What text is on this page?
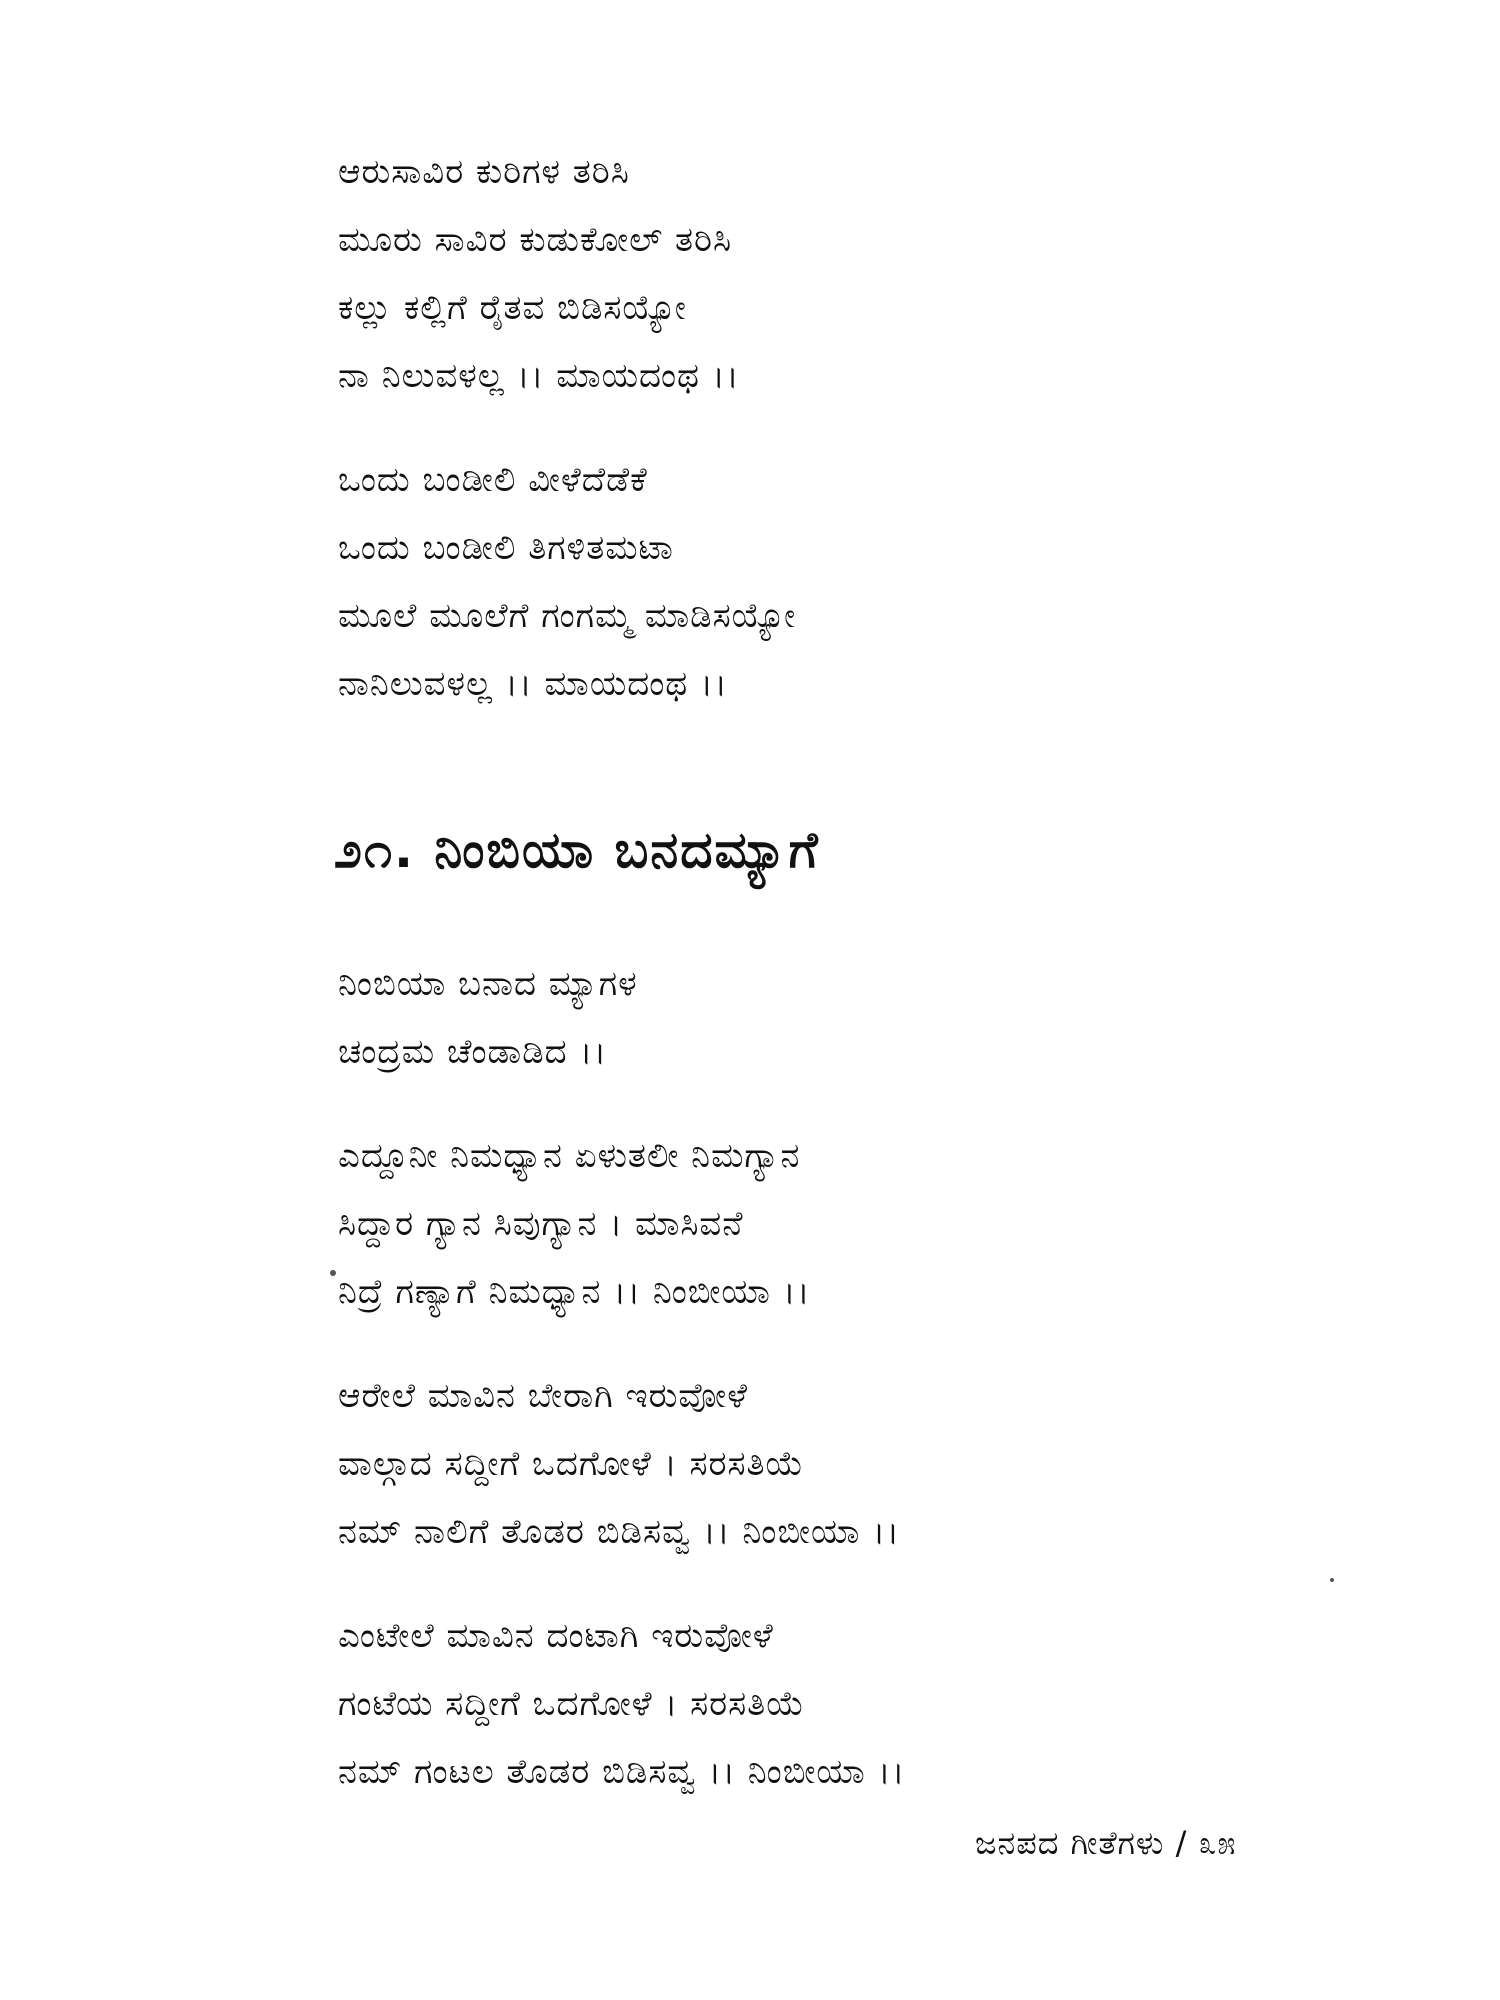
ಆರುಸಾವಿರ ಕುರಿಗಳ ತರಿಸಿ
ಮೂರು ಸಾವಿರ ಕುಡುಕೋಲ್ ತರಿಸಿ
ಕಲ್ಲು ಕಲ್ಲಿಗೆ ರೈತವ ಬಿಡಿಸಯ್ಯೋ
ನಾ ನಿಲುವಳಲ್ಲ ।। ಮಾಯದಂಥ ।।
ಒಂದು ಬಂಡೀಲಿ ವೀಳೆದೆಡೆಕೆ
ಒಂದು ಬಂಡೀಲಿ ತಿಗಳಿತಮಟಾ
ಮೂಲೆ ಮೂಲೆಗೆ ಗಂಗಮ್ಮ ಮಾಡಿಸಯ್ಯೋ
ನಾನಿಲುವಳಲ್ಲ ।। ಮಾಯದಂಥ ।।
೨೧. ನಿಂಬಿಯಾ ಬನದಮ್ಯಾಗೆ
ನಿಂಬಿಯಾ ಬನಾದ ಮ್ಯಾಗಳ
ಚಂದ್ರಮ ಚೆಂಡಾಡಿದ ।।
ಎದ್ದೂನೀ ನಿಮಧ್ಯಾನ ಏಳುತಲೀ ನಿಮಗ್ಯಾನ
ಸಿದ್ದಾರ ಗ್ಯಾನ ಸಿವುಗ್ಯಾನ । ಮಾಸಿವನೆ
ನಿದ್ರೆ ಗಣ್ಯಾಗೆ ನಿಮಧ್ಯಾನ ।। ನಿಂಬೀಯಾ ।।
ಆರೇಲೆ ಮಾವಿನ ಬೇರಾಗಿ ಇರುವೋಳೆ
ವಾಲ್ಗಾದ ಸದ್ದೀಗೆ ಒದಗೋಳೆ । ಸರಸತಿಯೆ
ನಮ್ ನಾಲಿಗೆ ತೊಡರ ಬಿಡಿಸವ್ವ ।। ನಿಂಬೀಯಾ ।।
ಎಂಟೇಲೆ ಮಾವಿನ ದಂಟಾಗಿ ಇರುವೋಳೆ
ಗಂಟೆಯ ಸದ್ದೀಗೆ ಒದಗೋಳೆ । ಸರಸತಿಯೆ
ನಮ್ ಗಂಟಲ ತೊಡರ ಬಿಡಿಸವ್ವ ।। ನಿಂಬೀಯಾ ।।
ಜನಪದ ಗೀತೆಗಳು / ೩೫
